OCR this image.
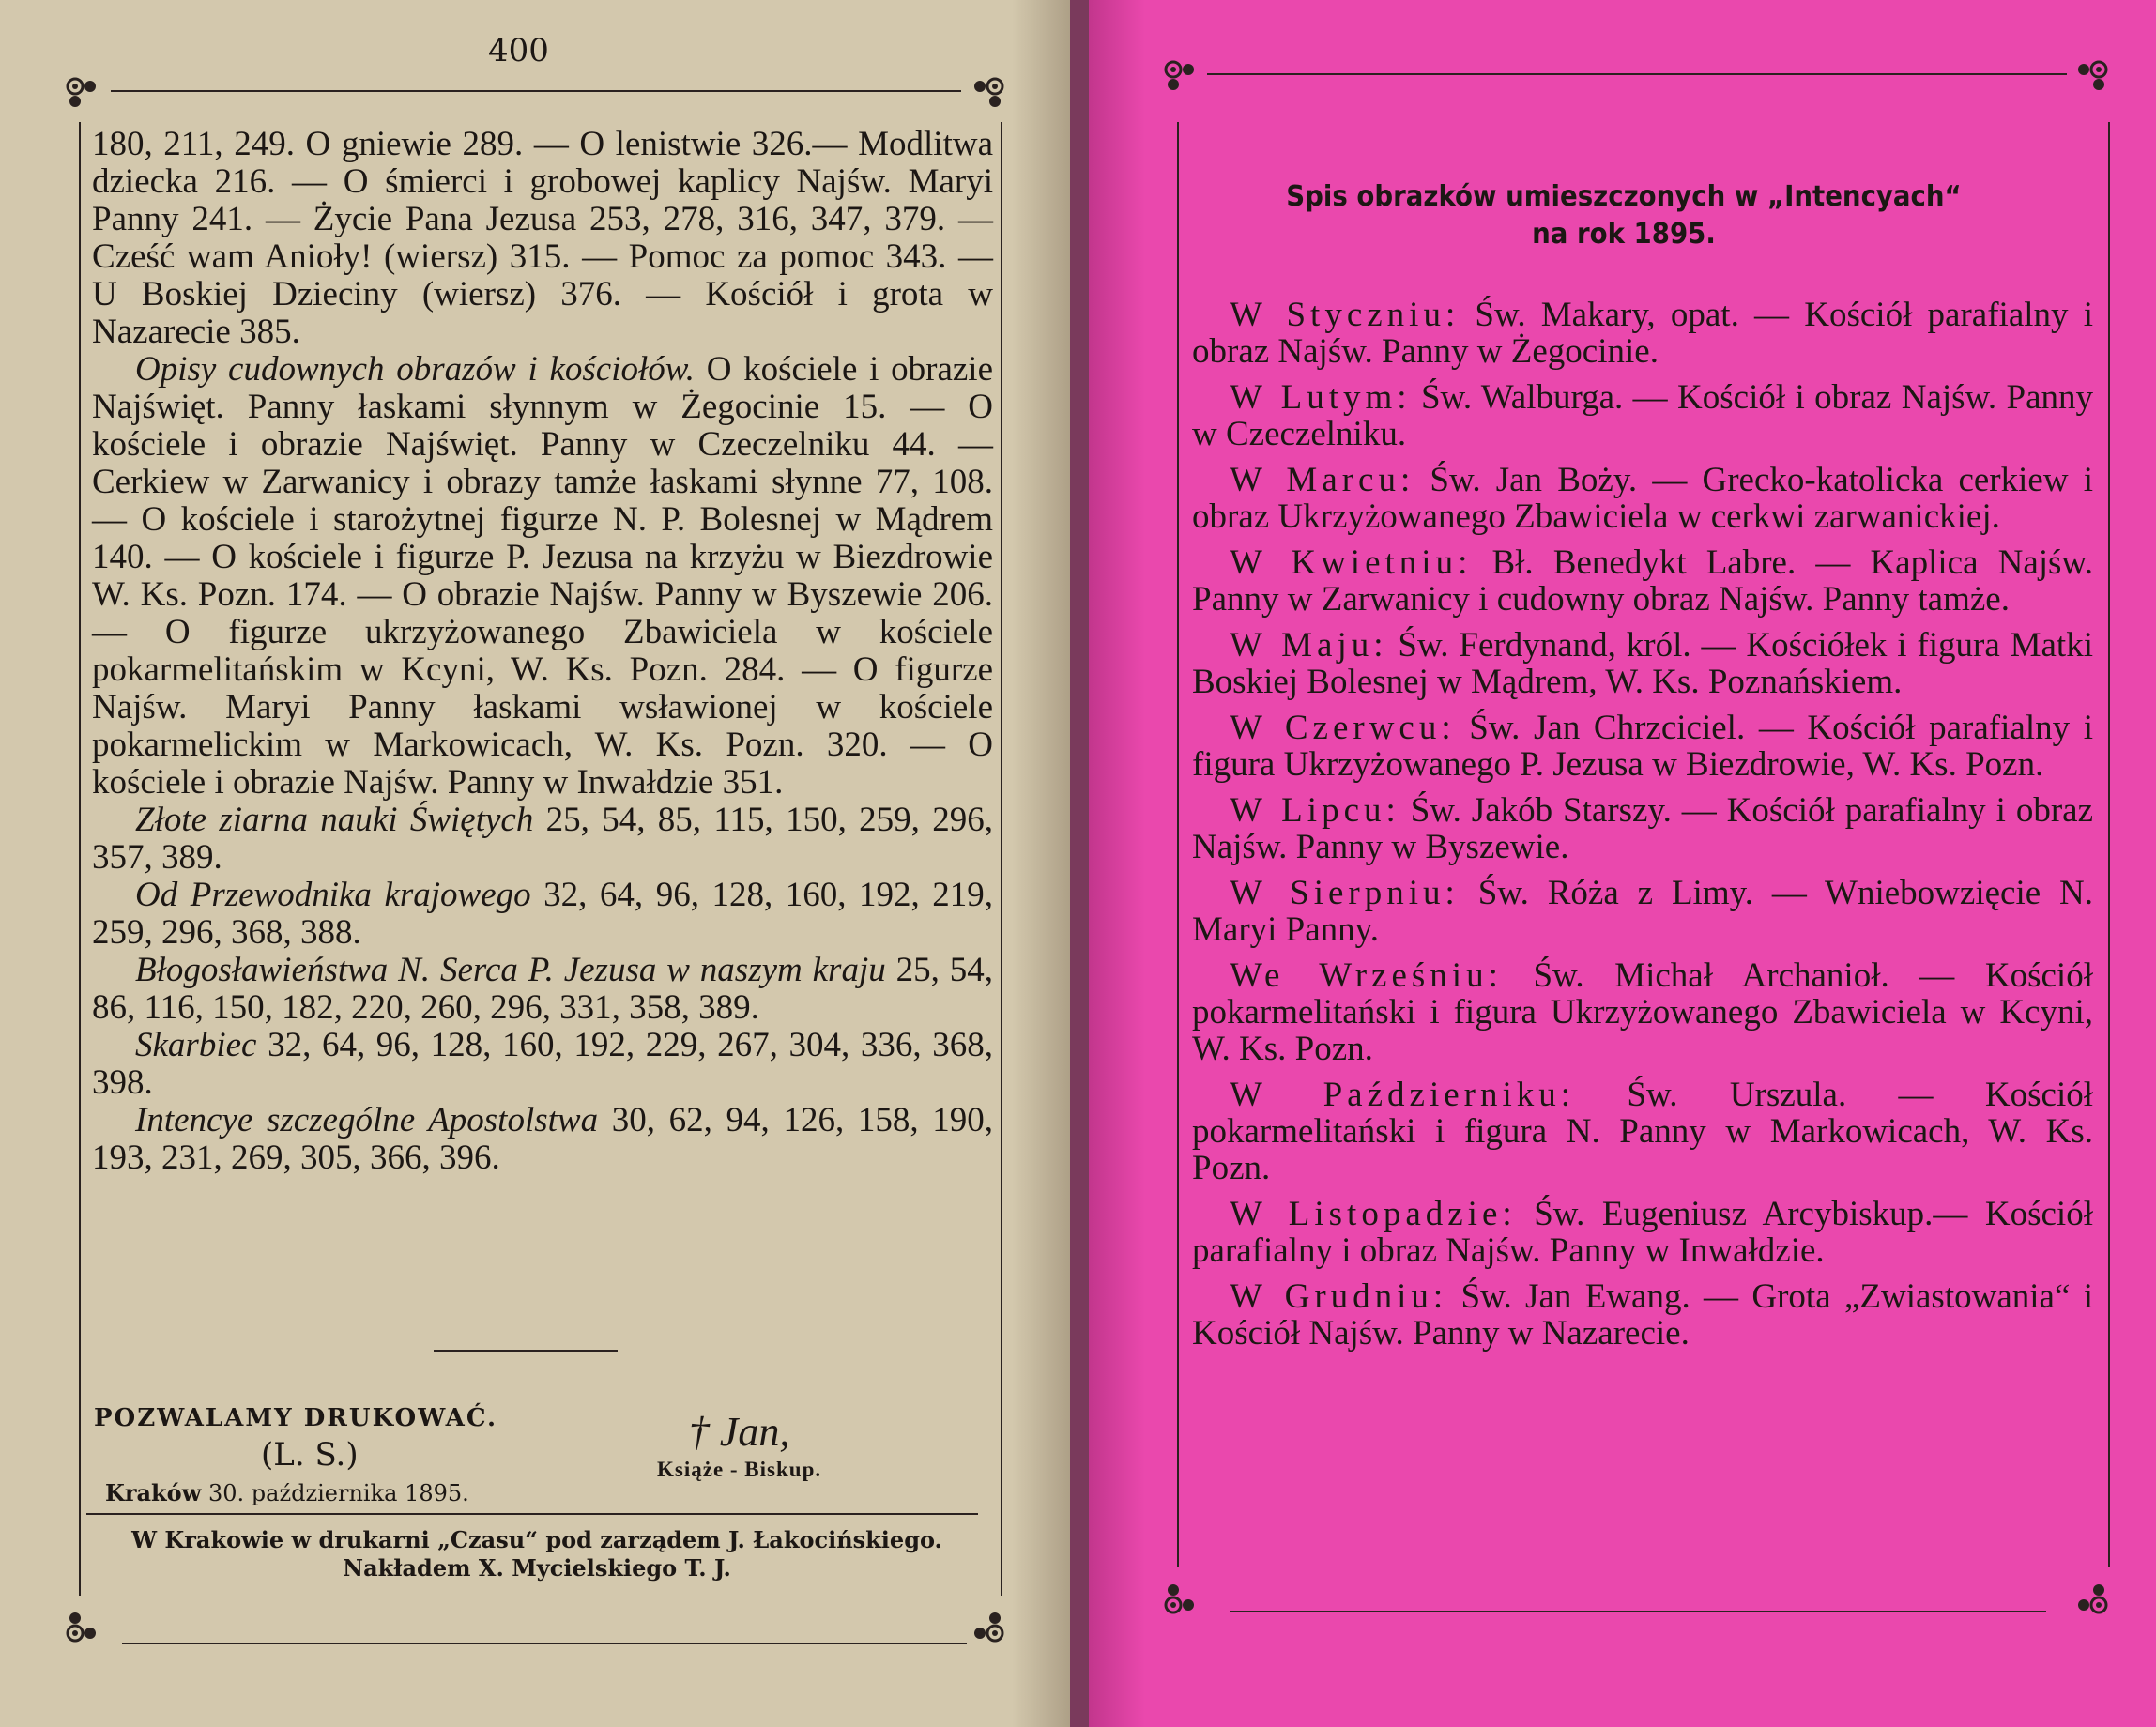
400

180, 211, 249. O gniewie 289. — O lenistwie 326.— Modlitwa dziecka 216. — O śmierci i grobowej kaplicy Najśw. Maryi Panny 241. — Życie Pana Jezusa 253, 278, 316, 347, 379. — Cześć wam Anioły! (wiersz) 315. — Pomoc za pomoc 343. — U Boskiej Dzieciny (wiersz) 376. — Kościół i grota w Nazarecie 385.

Opisy cudownych obrazów i kościołów. O kościele i obrazie Najświęt. Panny łaskami słynnym w Żegocinie 15. — O kościele i obrazie Najświęt. Panny w Czeczelniku 44. — Cerkiew w Zarwanicy i obrazy tamże łaskami słynne 77, 108. — O kościele i starożytnej figurze N. P. Bolesnej w Mądrem 140. — O kościele i figurze P. Jezusa na krzyżu w Biezdrowie W. Ks. Pozn. 174. — O obrazie Najśw. Panny w Byszewie 206. — O figurze ukrzyżowanego Zbawiciela w kościele pokarmelitańskim w Kcyni, W. Ks. Pozn. 284. — O figurze Najśw. Maryi Panny łaskami wsławionej w kościele pokarmelickim w Markowicach, W. Ks. Pozn. 320. — O kościele i obrazie Najśw. Panny w Inwałdzie 351.

Złote ziarna nauki Świętych 25, 54, 85, 115, 150, 259, 296, 357, 389.

Od Przewodnika krajowego 32, 64, 96, 128, 160, 192, 219, 259, 296, 368, 388.

Błogosławieństwa N. Serca P. Jezusa w naszym kraju 25, 54, 86, 116, 150, 182, 220, 260, 296, 331, 358, 389.

Skarbiec 32, 64, 96, 128, 160, 192, 229, 267, 304, 336, 368, 398.

Intencye szczególne Apostolstwa 30, 62, 94, 126, 158, 190, 193, 231, 269, 305, 366, 396.

POZWALAMY DRUKOWAĆ.
(L. S.)
Kraków 30. października 1895.
† Jan,
Książe - Biskup.
W Krakowie w drukarni „Czasu“ pod zarządem J. Łakocińskiego.
Nakładem X. Mycielskiego T. J.
Spis obrazków umieszczonych w „Intencyach“
na rok 1895.

W Styczniu: Św. Makary, opat. — Kościół parafialny i obraz Najśw. Panny w Żegocinie.

W Lutym: Św. Walburga. — Kościół i obraz Najśw. Panny w Czeczelniku.

W Marcu: Św. Jan Boży. — Grecko-katolicka cerkiew i obraz Ukrzyżowanego Zbawiciela w cerkwi zarwanickiej.

W Kwietniu: Bł. Benedykt Labre. — Kaplica Najśw. Panny w Zarwanicy i cudowny obraz Najśw. Panny tamże.

W Maju: Św. Ferdynand, król. — Kościółek i figura Matki Boskiej Bolesnej w Mądrem, W. Ks. Poznańskiem.

W Czerwcu: Św. Jan Chrzciciel. — Kościół parafialny i figura Ukrzyżowanego P. Jezusa w Biezdrowie, W. Ks. Pozn.

W Lipcu: Św. Jakób Starszy. — Kościół parafialny i obraz Najśw. Panny w Byszewie.

W Sierpniu: Św. Róża z Limy. — Wniebowzięcie N. Maryi Panny.

We Wrześniu: Św. Michał Archanioł. — Kościół pokarmelitański i figura Ukrzyżowanego Zbawiciela w Kcyni, W. Ks. Pozn.

W Październiku: Św. Urszula. — Kościół pokarmelitański i figura N. Panny w Markowicach, W. Ks. Pozn.

W Listopadzie: Św. Eugeniusz Arcybiskup.— Kościół parafialny i obraz Najśw. Panny w Inwałdzie.

W Grudniu: Św. Jan Ewang. — Grota „Zwiastowania“ i Kościół Najśw. Panny w Nazarecie.
